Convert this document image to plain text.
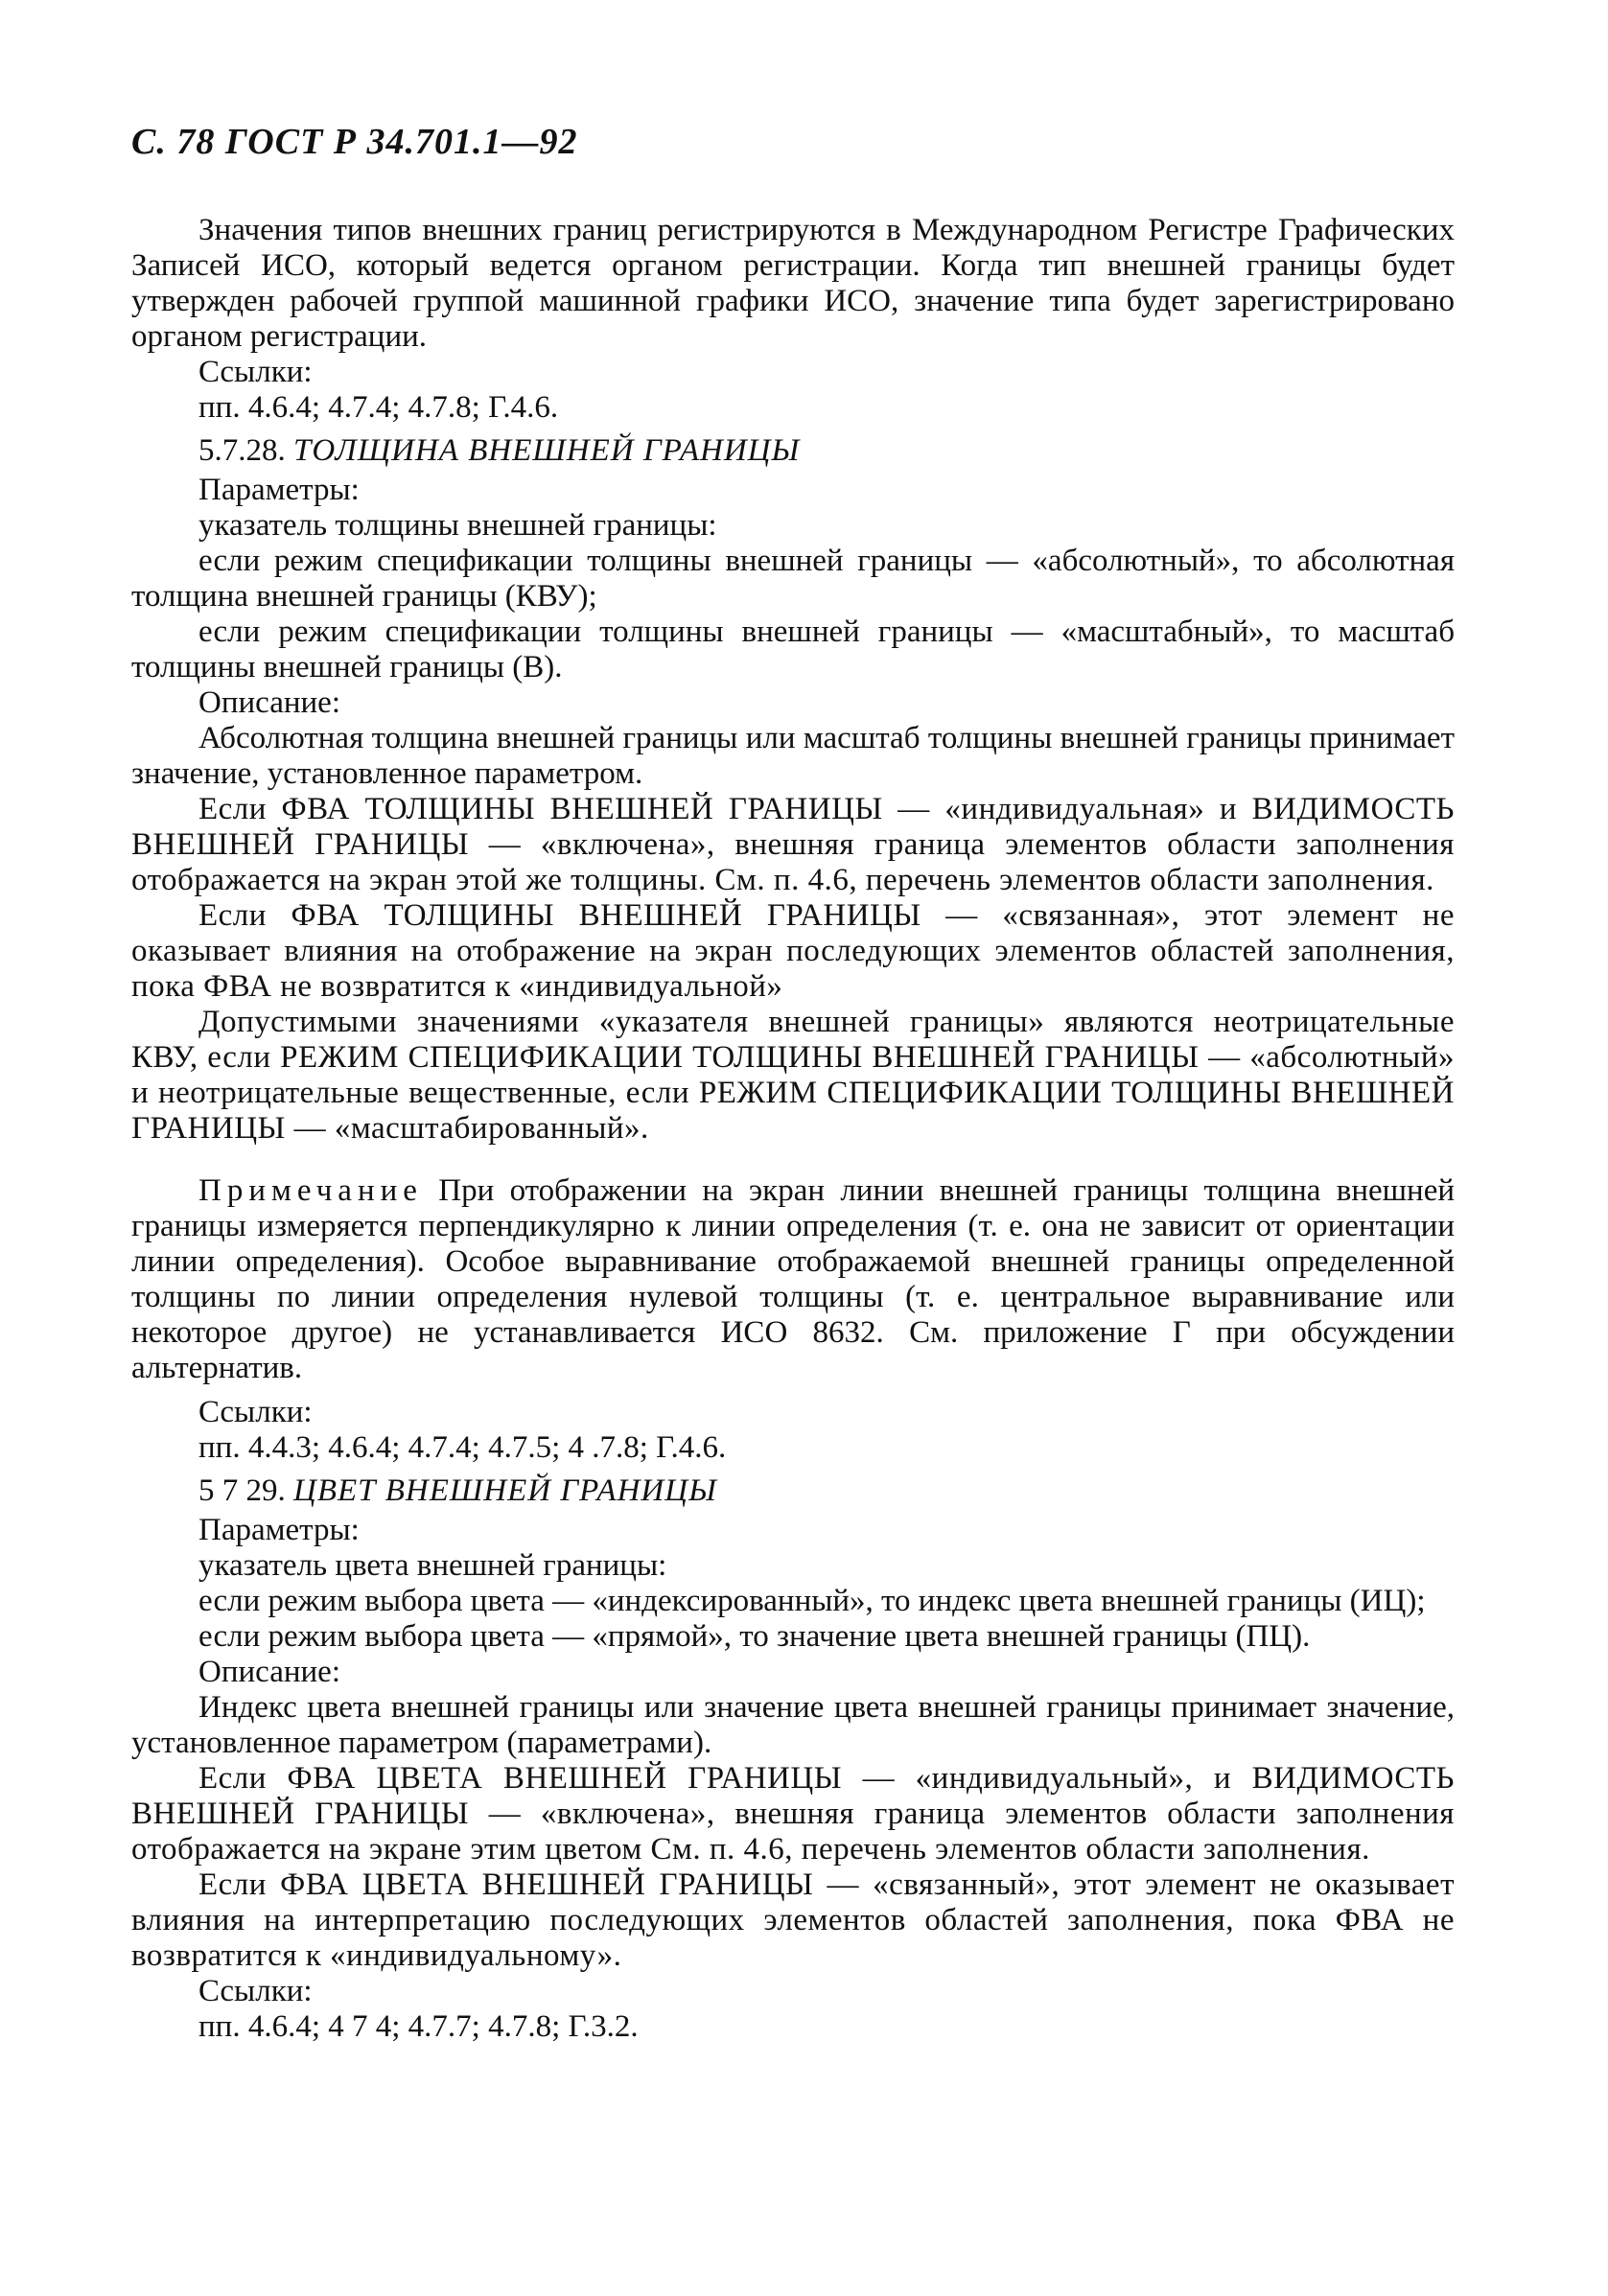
С. 78 ГОСТ Р 34.701.1—92

Значения типов внешних границ регистрируются в Международном Регистре Графических Записей ИСО, который ведется органом регистрации. Когда тип внешней границы будет утвержден рабочей группой машинной графики ИСО, значение типа будет зарегистрировано органом регистрации.

Ссылки:

пп. 4.6.4; 4.7.4; 4.7.8; Г.4.6.

5.7.28. ТОЛЩИНА ВНЕШНЕЙ ГРАНИЦЫ

Параметры:

указатель толщины внешней границы:

если режим спецификации толщины внешней границы — «абсолютный», то абсолютная толщина внешней границы (КВУ);

если режим спецификации толщины внешней границы — «масштабный», то масштаб толщины внешней границы (В).

Описание:

Абсолютная толщина внешней границы или масштаб толщины внешней границы принимает значение, установленное параметром.

Если ФВА ТОЛЩИНЫ ВНЕШНЕЙ ГРАНИЦЫ — «индивидуальная» и ВИДИМОСТЬ ВНЕШНЕЙ ГРАНИЦЫ — «включена», внешняя граница элементов области заполнения отображается на экран этой же толщины. См. п. 4.6, перечень элементов области заполнения.

Если ФВА ТОЛЩИНЫ ВНЕШНЕЙ ГРАНИЦЫ — «связанная», этот элемент не оказывает влияния на отображение на экран последующих элементов областей заполнения, пока ФВА не возвратится к «индивидуальной»

Допустимыми значениями «указателя внешней границы» являются неотрицательные КВУ, если РЕЖИМ СПЕЦИФИКАЦИИ ТОЛЩИНЫ ВНЕШНЕЙ ГРАНИЦЫ — «абсолютный» и неотрицательные вещественные, если РЕЖИМ СПЕЦИФИКАЦИИ ТОЛЩИНЫ ВНЕШНЕЙ ГРАНИЦЫ — «масштабированный».

Примечание При отображении на экран линии внешней границы толщина внешней границы измеряется перпендикулярно к линии определения (т. е. она не зависит от ориентации линии определения). Особое выравнивание отображаемой внешней границы определенной толщины по линии определения нулевой толщины (т. е. центральное выравнивание или некоторое другое) не устанавливается ИСО 8632. См. приложение Г при обсуждении альтернатив.

Ссылки:

пп. 4.4.3; 4.6.4; 4.7.4; 4.7.5; 4 .7.8; Г.4.6.

5 7 29. ЦВЕТ ВНЕШНЕЙ ГРАНИЦЫ

Параметры:

указатель цвета внешней границы:

если режим выбора цвета — «индексированный», то индекс цвета внешней границы (ИЦ);

если режим выбора цвета — «прямой», то значение цвета внешней границы (ПЦ).

Описание:

Индекс цвета внешней границы или значение цвета внешней границы принимает значение, установленное параметром (параметрами).

Если ФВА ЦВЕТА ВНЕШНЕЙ ГРАНИЦЫ — «индивидуальный», и ВИДИМОСТЬ ВНЕШНЕЙ ГРАНИЦЫ — «включена», внешняя граница элементов области заполнения отображается на экране этим цветом См. п. 4.6, перечень элементов области заполнения.

Если ФВА ЦВЕТА ВНЕШНЕЙ ГРАНИЦЫ — «связанный», этот элемент не оказывает влияния на интерпретацию последующих элементов областей заполнения, пока ФВА не возвратится к «индивидуальному».

Ссылки:

пп. 4.6.4; 4 7 4; 4.7.7; 4.7.8; Г.3.2.
